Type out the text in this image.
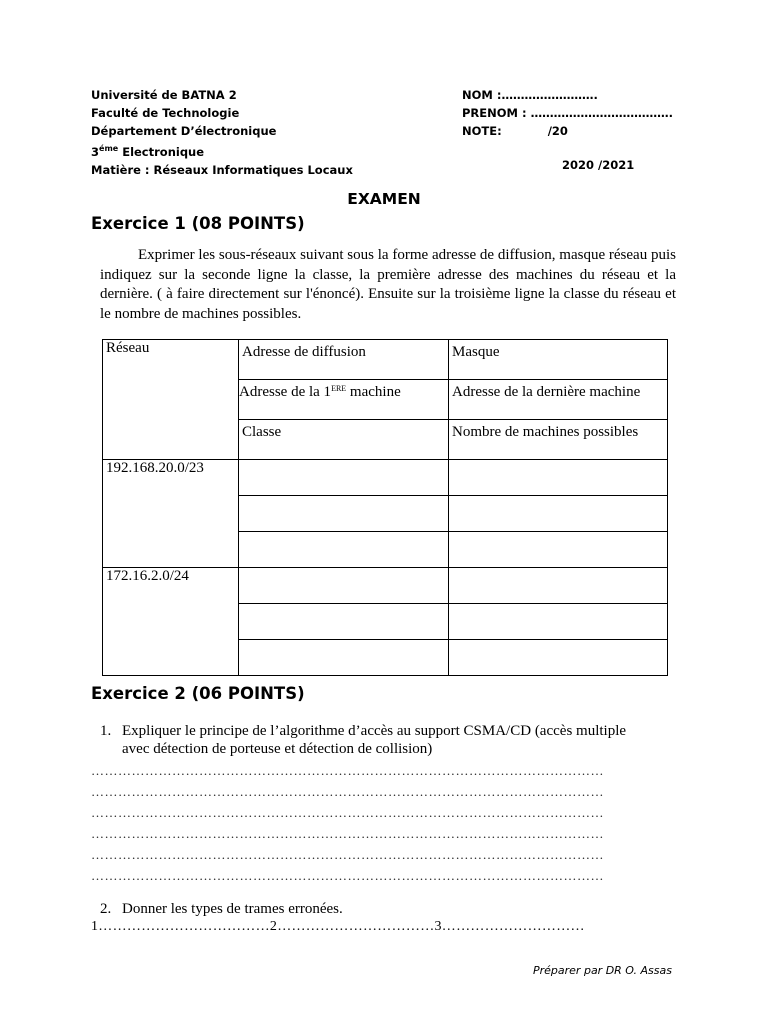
Université de BATNA 2
Faculté de Technologie
Département D’électronique
$3^{éme}$ Electronique
Matière : Réseaux Informatiques Locaux
NOM :…………………….
PRENOM : ……………………………….
NOTE:	/20
2020 /2021
EXAMEN
Exercice 1 (08 POINTS)
Exprimer les sous-réseaux suivant sous la forme adresse de diffusion, masque réseau puis indiquez sur la seconde ligne la classe, la première adresse des machines du réseau et la dernière. ( à faire directement sur l'énoncé). Ensuite sur la troisième ligne la classe du réseau et le nombre de machines possibles.
Réseau	Adresse de diffusion	Masque
	Adresse de la 1ERE machine	Adresse de la dernière machine
	Classe	Nombre de machines possibles
192.168.20.0/23		

172.16.2.0/24		

Exercice 2 (06 POINTS)
1. Expliquer le principe de l’algorithme d’accès au support CSMA/CD (accès multiple
avec détection de porteuse et détection de collision)
……………………………………………………………………………………………………
……………………………………………………………………………………………………
……………………………………………………………………………………………………
……………………………………………………………………………………………………
……………………………………………………………………………………………………
……………………………………………………………………………………………………
2. Donner les types de trames erronées.
1………………………………2……………………………3…………………………
Préparer par DR O. Assas
